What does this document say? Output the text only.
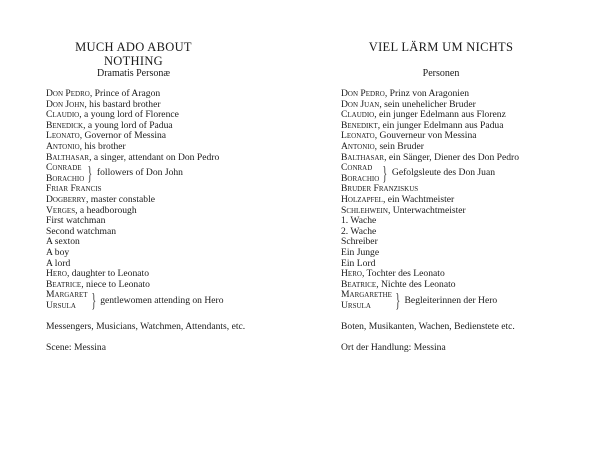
MUCH ADO ABOUT NOTHING
Dramatis Personæ
Don Pedro, Prince of Aragon
Don John, his bastard brother
Claudio, a young lord of Florence
Benedick, a young lord of Padua
Leonato, Governor of Messina
Antonio, his brother
Balthasar, a singer, attendant on Don Pedro
Conrade
Borachio } followers of Don John
Friar Francis
Dogberry, master constable
Verges, a headborough
First watchman
Second watchman
A sexton
A boy
A lord
Hero, daughter to Leonato
Beatrice, niece to Leonato
Margaret
Ursula } gentlewomen attending on Hero
Messengers, Musicians, Watchmen, Attendants, etc.
Scene: Messina
VIEL LÄRM UM NICHTS
Personen
Don Pedro, Prinz von Aragonien
Don Juan, sein unehelicher Bruder
Claudio, ein junger Edelmann aus Florenz
Benedikt, ein junger Edelmann aus Padua
Leonato, Gouverneur von Messina
Antonio, sein Bruder
Balthasar, ein Sänger, Diener des Don Pedro
Conrad
Borachio } Gefolgsleute des Don Juan
Bruder Franziskus
Holzapfel, ein Wachtmeister
Schlehwein, Unterwachtmeister
1. Wache
2. Wache
Schreiber
Ein Junge
Ein Lord
Hero, Tochter des Leonato
Beatrice, Nichte des Leonato
Margarethe
Ursula	} Begleiterinnen der Hero
Boten, Musikanten, Wachen, Bedienstete etc.
Ort der Handlung: Messina
